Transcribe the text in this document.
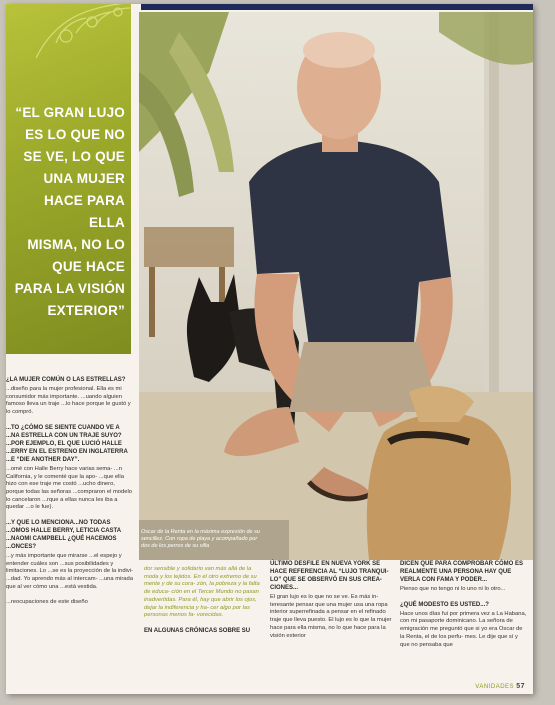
“EL GRAN LUJO
ES LO QUE NO
SE VE, LO QUE
UNA MUJER
HACE PARA ELLA
MISMA, NO LO
QUE HACE
PARA LA VISIÓN
EXTERIOR”
Oscar de la Renta en la máxima expresión de su sencillez. Con ropa de playa y acompañado por dos de los perros de su villa

¿LA MUJER COMÚN O LAS ESTRELLAS?

...diseño para la mujer profesional. Ella es mi consumidor más importante. ...uando alguien famoso lleva un traje ...lo hace porque le gustó y lo compró.

...TO ¿CÓMO SE SIENTE CUANDO VE A ...NA ESTRELLA CON UN TRAJE SUYO? ...POR EJEMPLO, EL QUE LUCIÓ HALLE ...ERRY EN EL ESTRENO EN INGLATERRA ...E “DIE ANOTHER DAY”.

...omé con Halle Berry hace varias sema- ...n California, y le comenté que la apo- ...que ella hizo con ese traje me costó ...ucho dinero, porque todas las señoras ...compraron el modelo lo cancelaron ...rque a ellas nunca les iba a quedar ...o le fue).

...Y QUE LO MENCIONA...NO TODAS ...OMOS HALLE BERRY, LETICIA CASTA ...NAOMI CAMPBELL ¿QUÉ HACEMOS ...ONCES?

...y más importante que mirarse ...el espejo y entender cuáles son ...sus posibilidades y limitaciones. Lo ...se es la proyección de la indivi- ...dad. Yo aprendo más al intercam- ...una mirada que al ver cómo una ...está vestida.

...reocupaciones de este diseño

dor sensible y solidario van más allá de la moda y los tejidos. En el otro extremo de su mente y de su cora- zón, la pobreza y la falta de educa- ción en el Tercer Mundo no pasan inadvertidas. Para él, hay que abrir los ojos, dejar la indiferencia y ha- cer algo por las personas menos fa- vorecidas.

EN ALGUNAS CRÓNICAS SOBRE SU

ÚLTIMO DESFILE EN NUEVA YORK SE HACE REFERENCIA AL “LUJO TRANQUI- LO” QUE SE OBSERVÓ EN SUS CREA- CIONES...

El gran lujo es lo que no se ve. Es más in- teresante pensar que una mujer usa una ropa interior superrefinada a pensar en el refinado traje que lleva puesto. El lujo es lo que la mujer hace para ella misma, no lo que hace para la visión exterior

DICEN QUE PARA COMPROBAR CÓMO ES REALMENTE UNA PERSONA HAY QUE VERLA CON FAMA Y PODER...

Pienso que no tengo ni lo uno ni lo otro...

¿QUÉ MODESTO ES USTED...?

Hace unos días fui por primera vez a La Habana, con mi pasaporte dominicano. La señora de emigración me preguntó que si yo era Oscar de la Renta, el de los perfu- mes. Le dije que sí y que no pensaba que

VANIDADES 57
